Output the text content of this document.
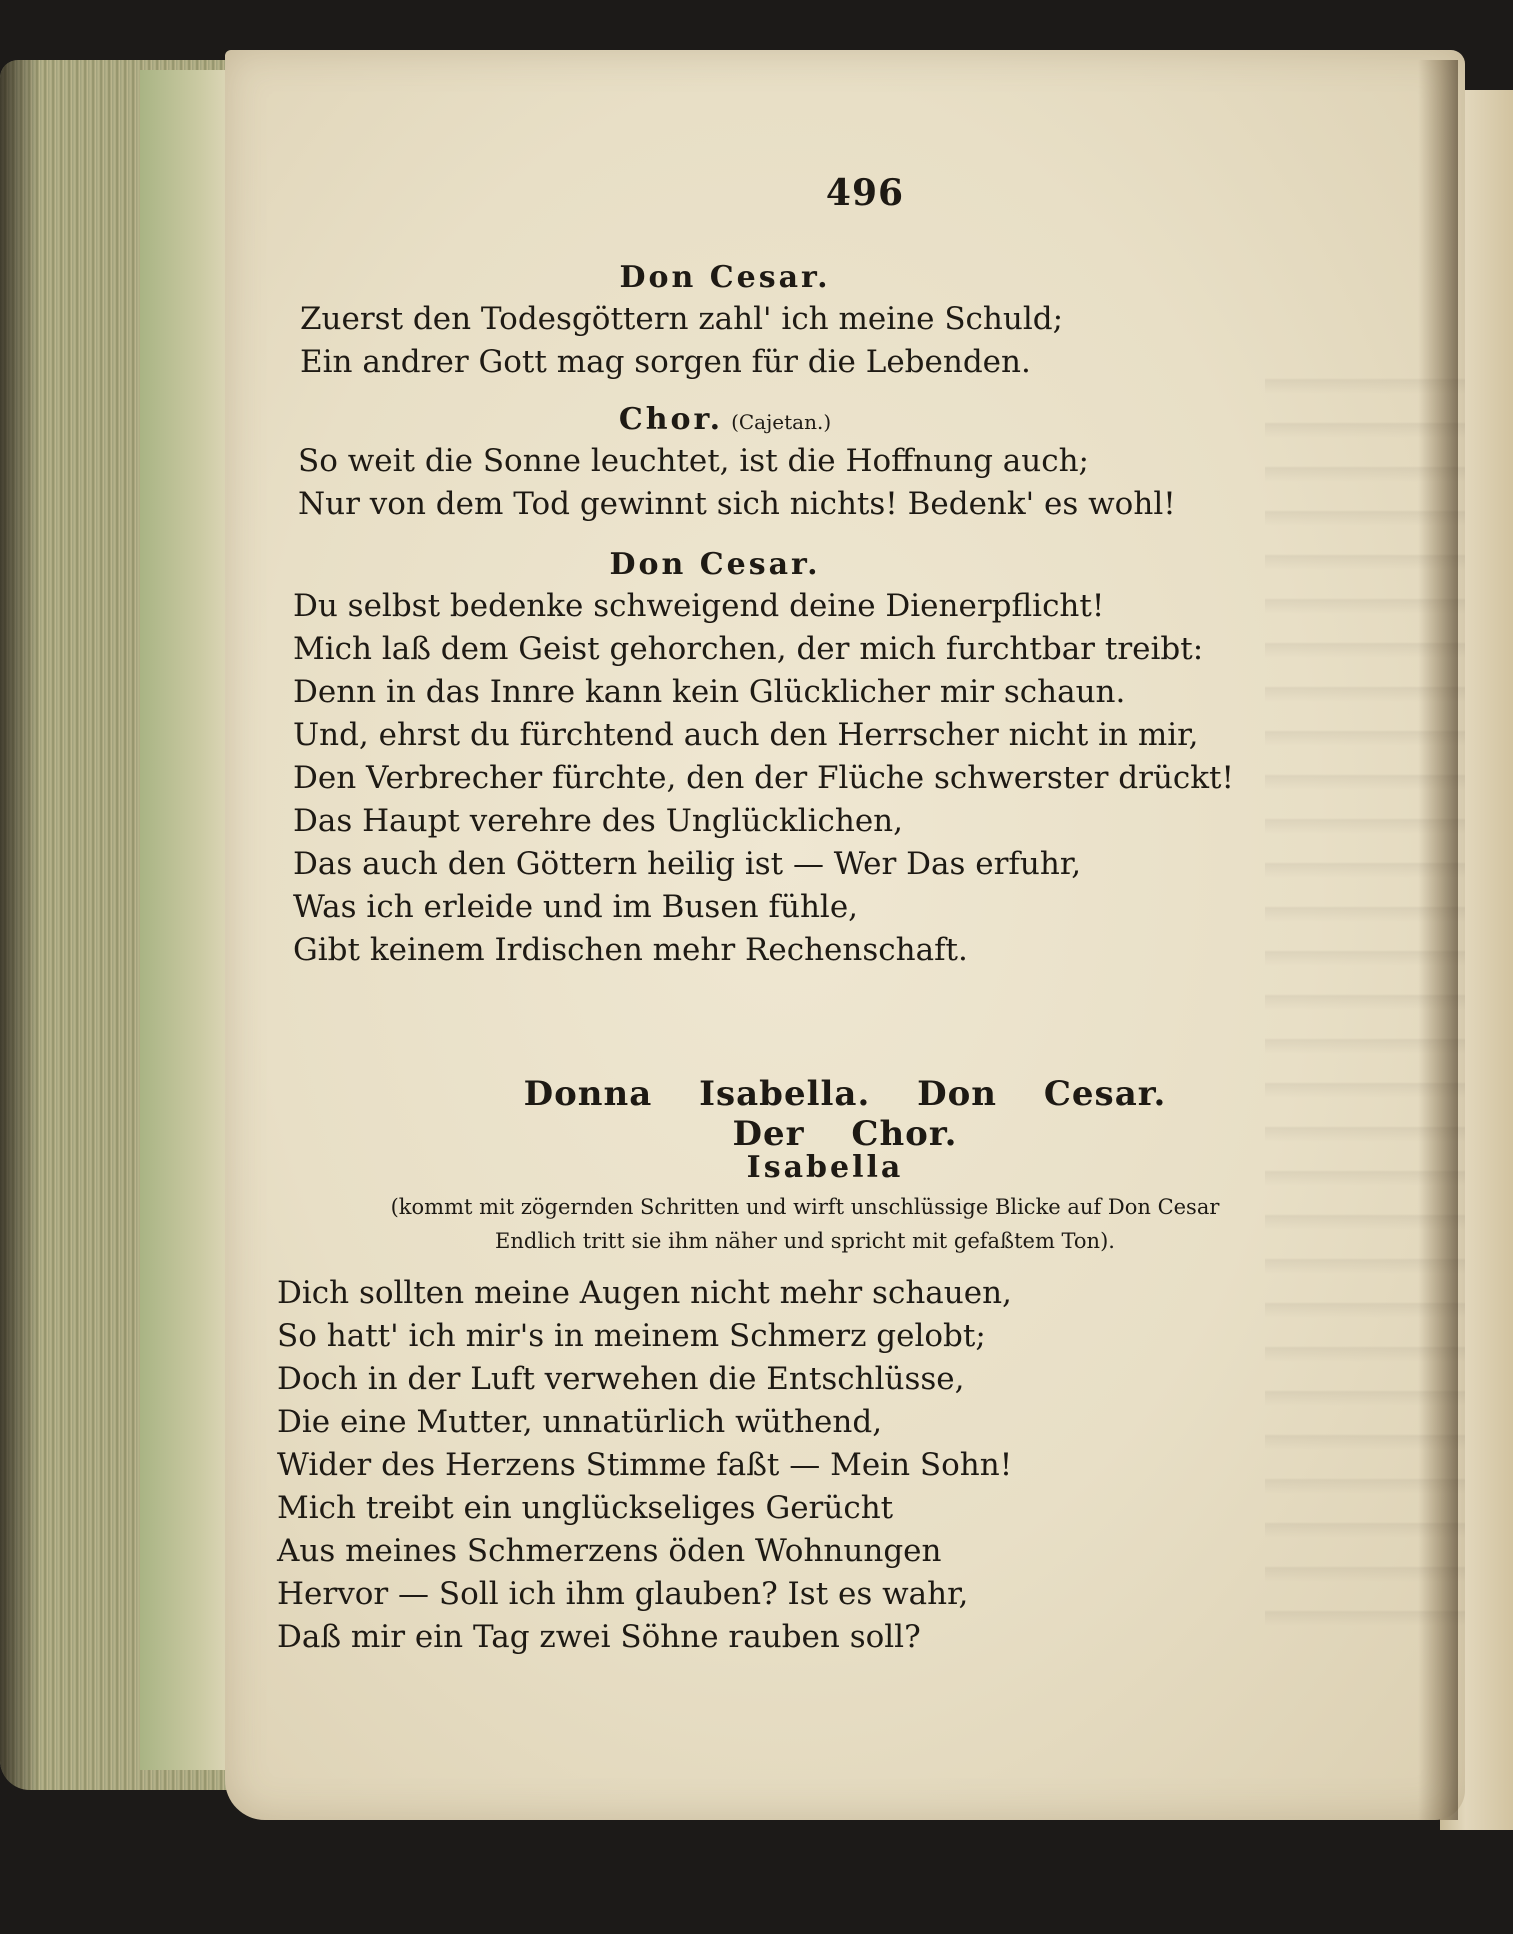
496
Don Cesar.
Zuerst den Todesgöttern zahl' ich meine Schuld;
Ein andrer Gott mag sorgen für die Lebenden.
Chor. (Cajetan.)
So weit die Sonne leuchtet, ist die Hoffnung auch;
Nur von dem Tod gewinnt sich nichts! Bedenk' es wohl!
Don Cesar.
Du selbst bedenke schweigend deine Dienerpflicht!
Mich laß dem Geist gehorchen, der mich furchtbar treibt:
Denn in das Innre kann kein Glücklicher mir schaun.
Und, ehrst du fürchtend auch den Herrscher nicht in mir,
Den Verbrecher fürchte, den der Flüche schwerster drückt!
Das Haupt verehre des Unglücklichen,
Das auch den Göttern heilig ist — Wer Das erfuhr,
Was ich erleide und im Busen fühle,
Gibt keinem Irdischen mehr Rechenschaft.
Donna Isabella. Don Cesar. Der Chor.
Isabella
(kommt mit zögernden Schritten und wirft unschlüssige Blicke auf Don Cesar
Endlich tritt sie ihm näher und spricht mit gefaßtem Ton).
Dich sollten meine Augen nicht mehr schauen,
So hatt' ich mir's in meinem Schmerz gelobt;
Doch in der Luft verwehen die Entschlüsse,
Die eine Mutter, unnatürlich wüthend,
Wider des Herzens Stimme faßt — Mein Sohn!
Mich treibt ein unglückseliges Gerücht
Aus meines Schmerzens öden Wohnungen
Hervor — Soll ich ihm glauben? Ist es wahr,
Daß mir ein Tag zwei Söhne rauben soll?
